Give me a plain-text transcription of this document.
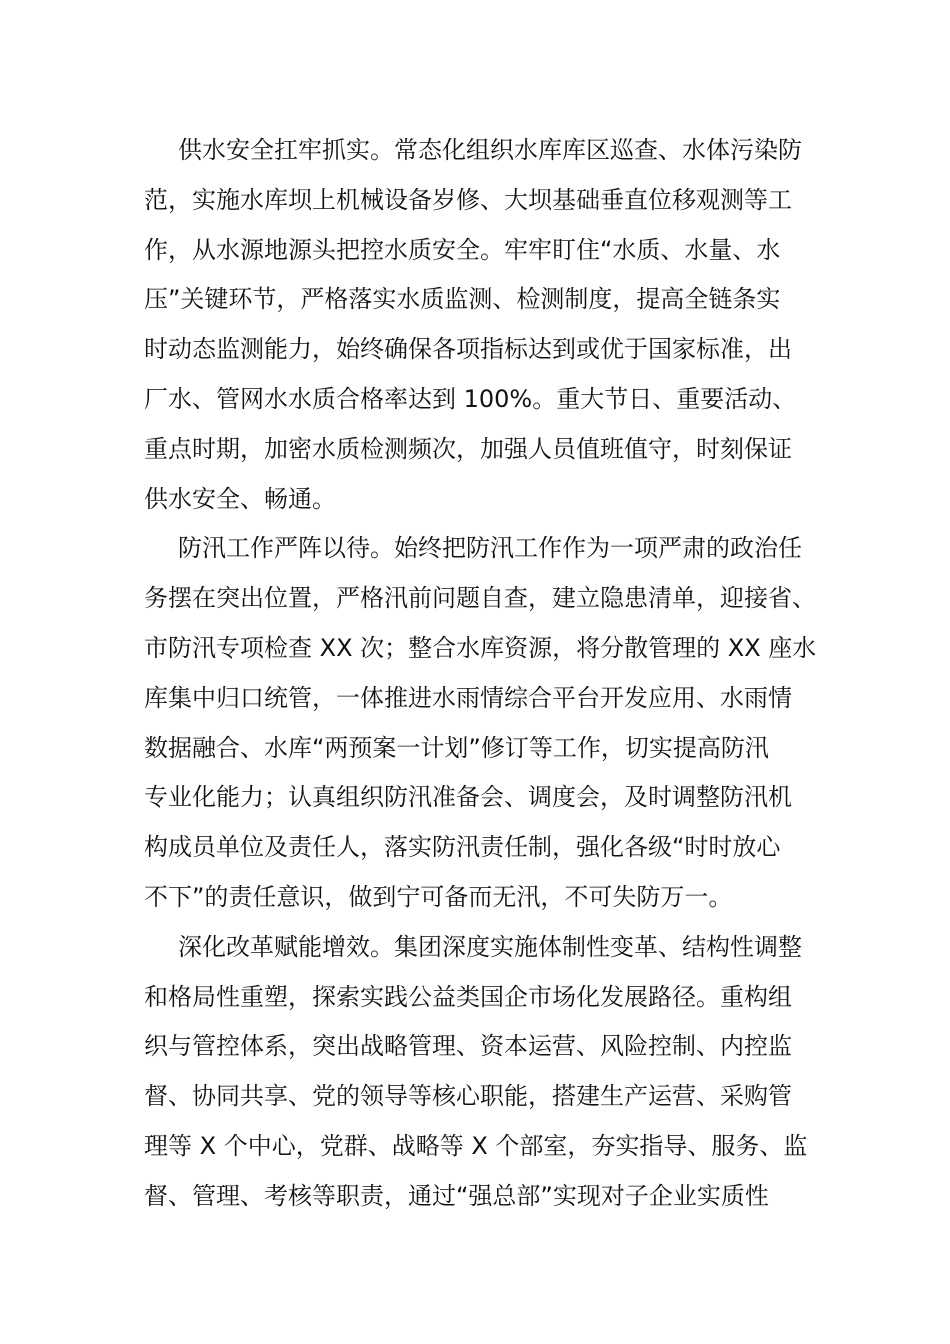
供水安全扛牢抓实。常态化组织水库库区巡查、水体污染防
范，实施水库坝上机械设备岁修、大坝基础垂直位移观测等工
作，从水源地源头把控水质安全。牢牢盯住“水质、水量、水
压”关键环节，严格落实水质监测、检测制度，提高全链条实
时动态监测能力，始终确保各项指标达到或优于国家标准，出
厂水、管网水水质合格率达到 100%。重大节日、重要活动、
重点时期，加密水质检测频次，加强人员值班值守，时刻保证
供水安全、畅通。
防汛工作严阵以待。始终把防汛工作作为一项严肃的政治任
务摆在突出位置，严格汛前问题自查，建立隐患清单，迎接省、
市防汛专项检查 XX 次；整合水库资源，将分散管理的 XX 座水
库集中归口统管，一体推进水雨情综合平台开发应用、水雨情
数据融合、水库“两预案一计划”修订等工作，切实提高防汛
专业化能力；认真组织防汛准备会、调度会，及时调整防汛机
构成员单位及责任人，落实防汛责任制，强化各级“时时放心
不下”的责任意识，做到宁可备而无汛，不可失防万一。
深化改革赋能增效。集团深度实施体制性变革、结构性调整
和格局性重塑，探索实践公益类国企市场化发展路径。重构组
织与管控体系，突出战略管理、资本运营、风险控制、内控监
督、协同共享、党的领导等核心职能，搭建生产运营、采购管
理等 X 个中心，党群、战略等 X 个部室，夯实指导、服务、监
督、管理、考核等职责，通过“强总部”实现对子企业实质性
